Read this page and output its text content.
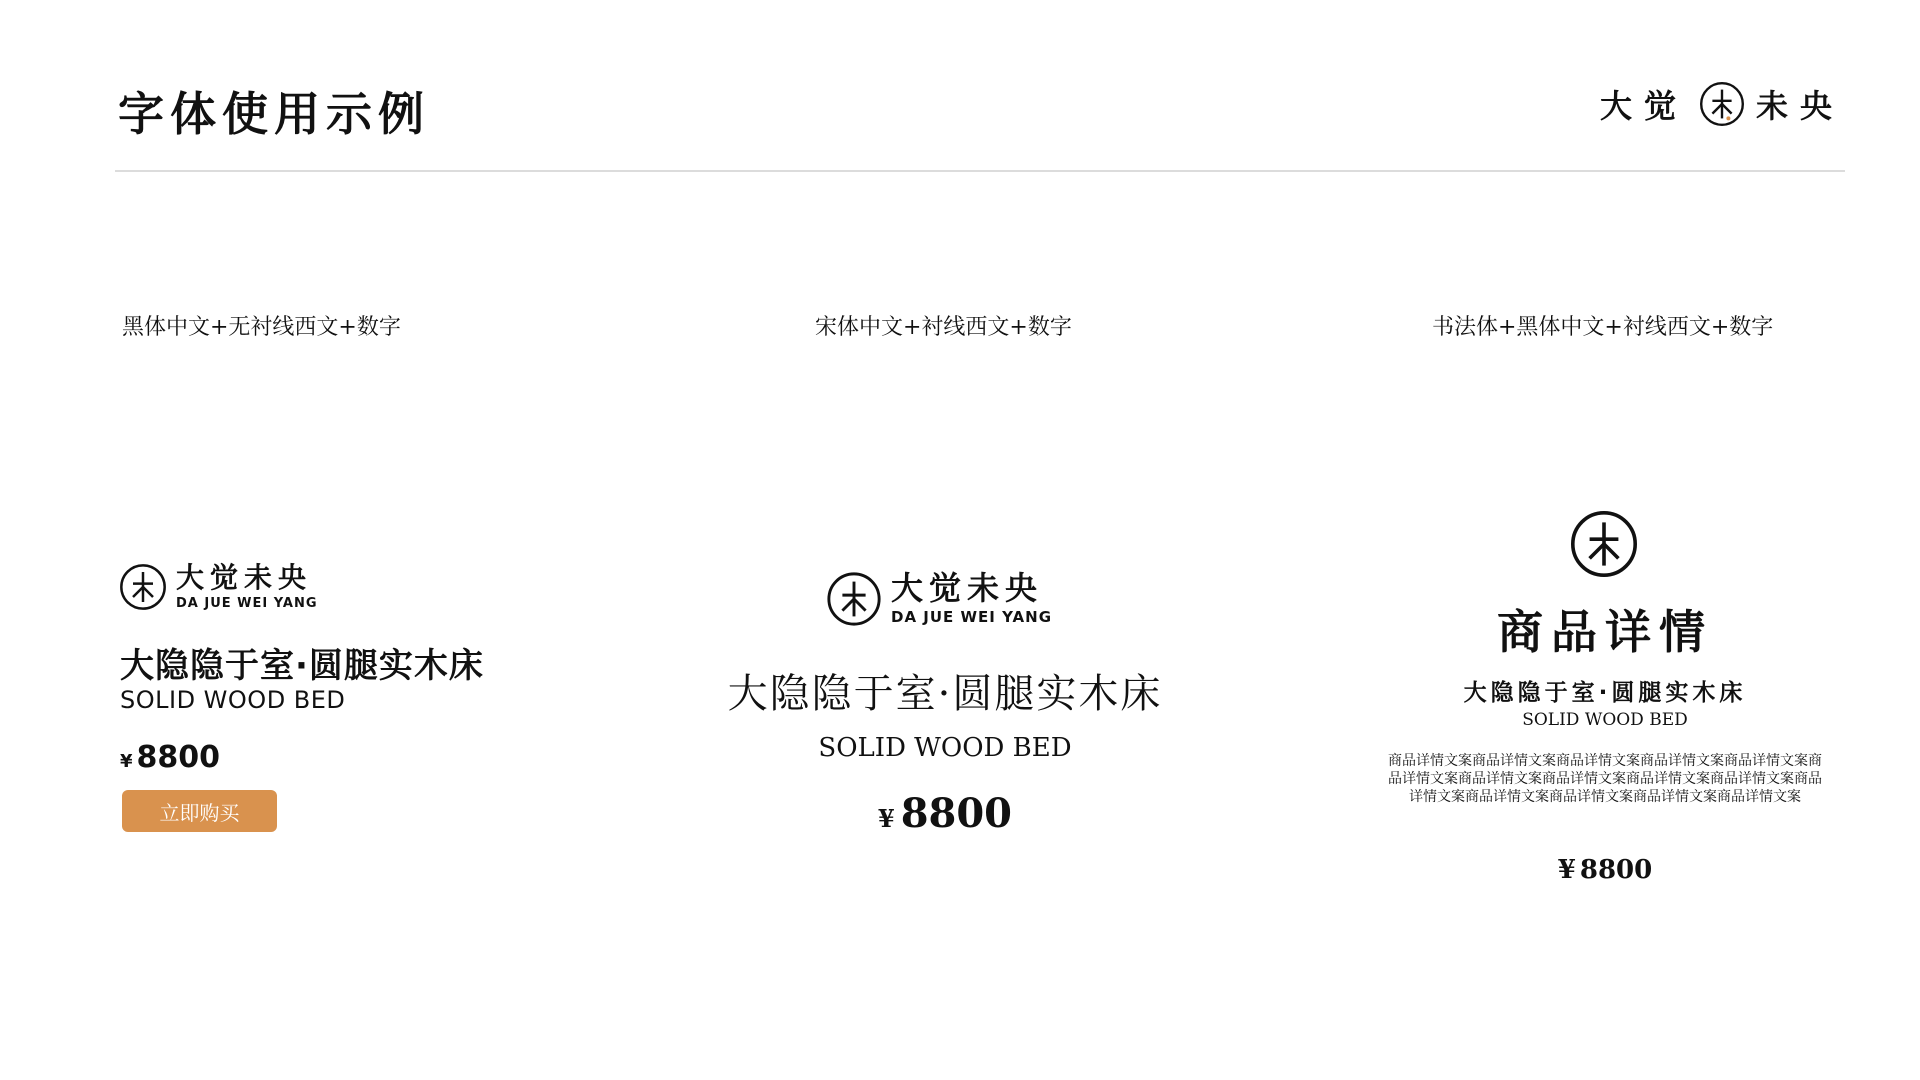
字体使用示例	大觉 未央
黑体中文+无衬线西文+数字	宋体中文+衬线西文+数字	书法体+黑体中文+衬线西文+数字
大觉未央
DA JUE WEI YANG
大隐隐于室·圆腿实木床
SOLID WOOD BED
¥ 8800
立即购买
大觉未央
DA JUE WEI YANG
大隐隐于室·圆腿实木床
SOLID WOOD BED
¥ 8800
商品详情
大隐隐于室·圆腿实木床
SOLID WOOD BED
商品详情文案商品详情文案商品详情文案商品详情文案商品详情文案商品详情文案商品详情文案商品详情文案商品详情文案商品详情文案商品详情文案商品详情文案商品详情文案商品详情文案商品详情文案
¥ 8800
